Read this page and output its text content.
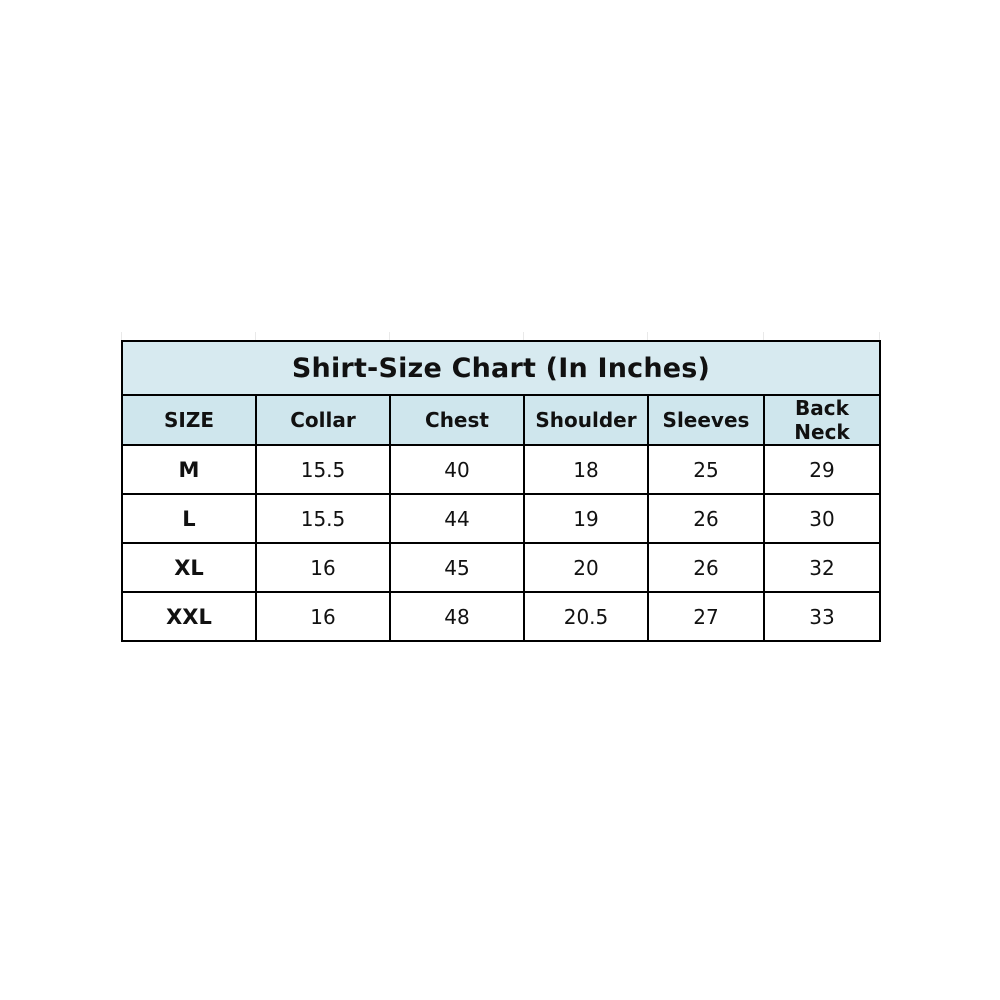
Shirt-Size Chart (In Inches)					
SIZE	Collar	Chest	Shoulder	Sleeves	Back Neck
M	15.5	40	18	25	29
L	15.5	44	19	26	30
XL	16	45	20	26	32
XXL	16	48	20.5	27	33
